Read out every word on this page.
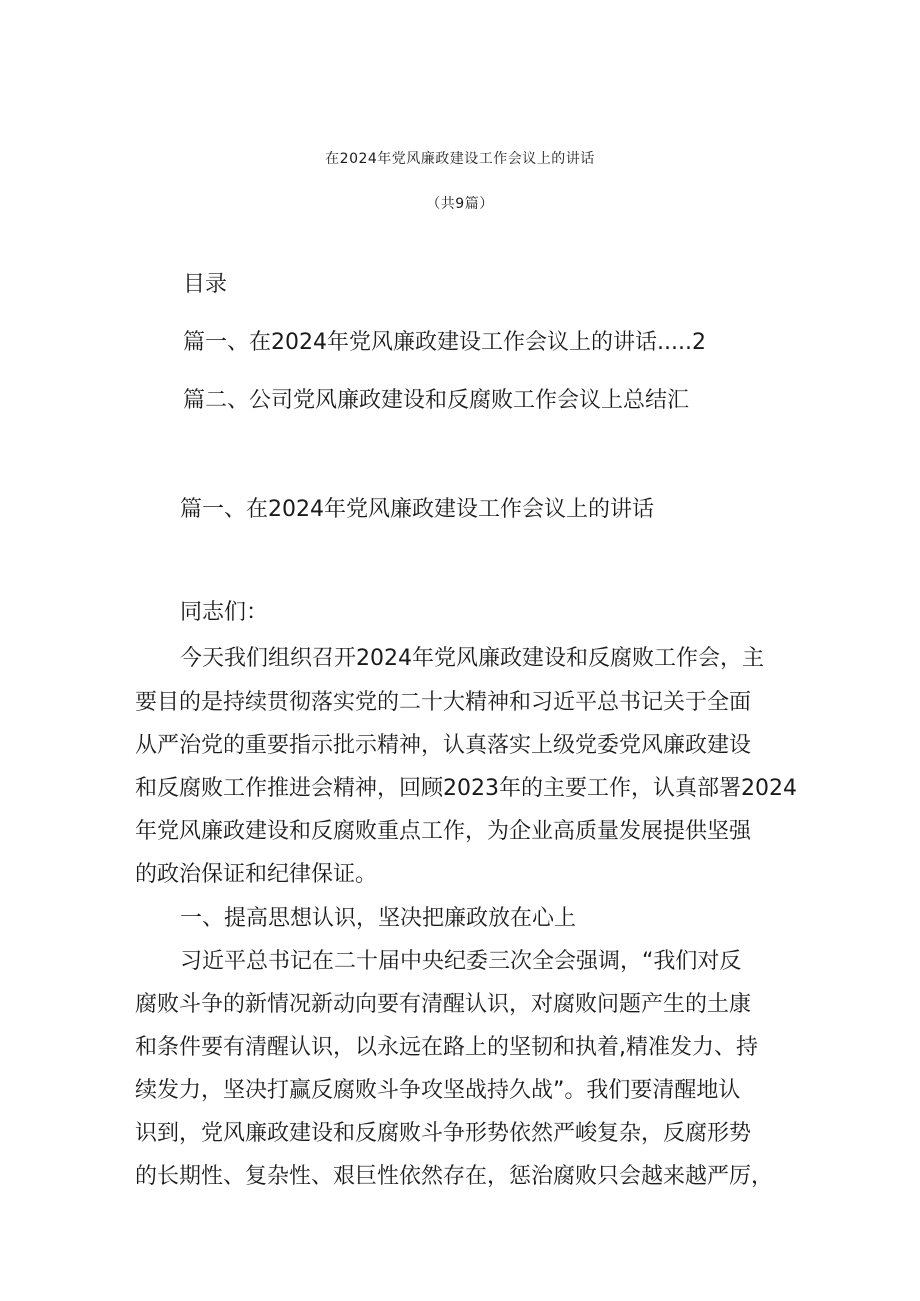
在2024年党风廉政建设工作会议上的讲话
（共9篇）

目录

篇一、在2024年党风廉政建设工作会议上的讲话.....2

篇二、公司党风廉政建设和反腐败工作会议上总结汇

篇一、在2024年党风廉政建设工作会议上的讲话

同志们：

今天我们组织召开2024年党风廉政建设和反腐败工作会，主

要目的是持续贯彻落实党的二十大精神和习近平总书记关于全面

从严治党的重要指示批示精神，认真落实上级党委党风廉政建设

和反腐败工作推进会精神，回顾2023年的主要工作，认真部署2024

年党风廉政建设和反腐败重点工作，为企业高质量发展提供坚强

的政治保证和纪律保证。

一、提高思想认识，坚决把廉政放在心上

习近平总书记在二十届中央纪委三次全会强调，“我们对反

腐败斗争的新情况新动向要有清醒认识，对腐败问题产生的土康

和条件要有清醒认识，以永远在路上的坚韧和执着,精准发力、持

续发力，坚决打赢反腐败斗争攻坚战持久战”。我们要清醒地认

识到，党风廉政建设和反腐败斗争形势依然严峻复杂，反腐形势

的长期性、复杂性、艰巨性依然存在，惩治腐败只会越来越严厉，
